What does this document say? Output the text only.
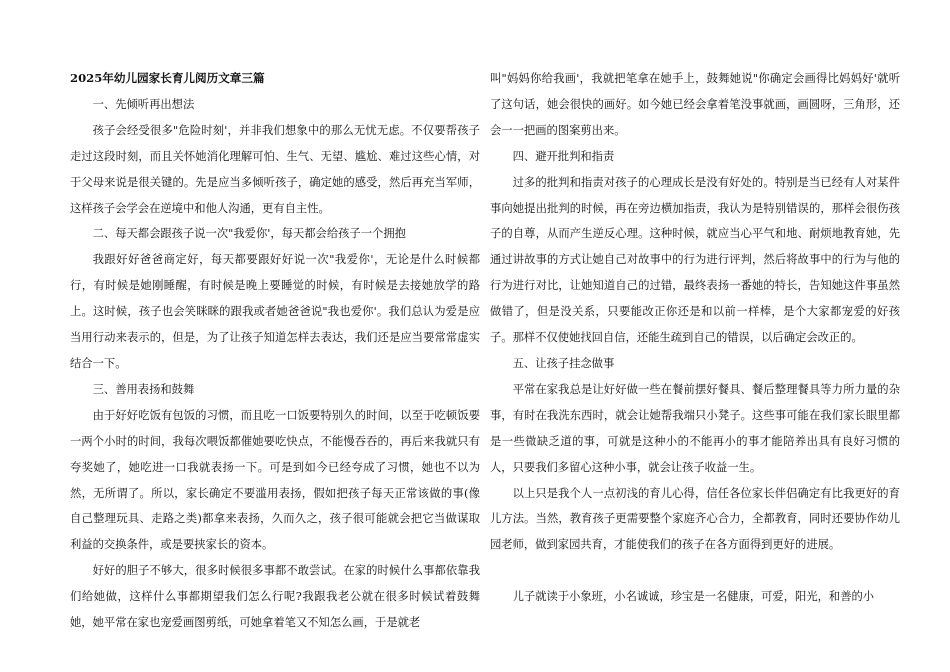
2025年幼儿园家长育儿阅历文章三篇

一、先倾听再出想法

孩子会经受很多"危险时刻'，并非我们想象中的那么无忧无虑。不仅要帮孩子走过这段时刻，而且关怀她消化理解可怕、生气、无望、尴尬、难过这些心情，对于父母来说是很关键的。先是应当多倾听孩子，确定她的感受，然后再充当军师，这样孩子会学会在逆境中和他人沟通，更有自主性。

二、每天都会跟孩子说一次"我爱你'，每天都会给孩子一个拥抱

我跟好好爸爸商定好，每天都要跟好好说一次"我爱你'，无论是什么时候都行，有时候是她刚睡醒，有时候是晚上要睡觉的时候，有时候是去接她放学的路上。这时候，孩子也会笑眯眯的跟我或者她爸爸说"我也爱你'。我们总认为爱是应当用行动来表示的，但是，为了让孩子知道怎样去表达，我们还是应当要常常虚实结合一下。

三、善用表扬和鼓舞

由于好好吃饭有包饭的习惯，而且吃一口饭要特别久的时间，以至于吃顿饭要一两个小时的时间，我每次喂饭都催她要吃快点，不能慢吞吞的，再后来我就只有夸奖她了，她吃进一口我就表扬一下。可是到如今已经夸成了习惯，她也不以为然，无所谓了。所以，家长确定不要滥用表扬，假如把孩子每天正常该做的事(像自己整理玩具、走路之类)都拿来表扬，久而久之，孩子很可能就会把它当做谋取利益的交换条件，或是要挟家长的资本。

好好的胆子不够大，很多时候很多事都不敢尝试。在家的时候什么事都依靠我们给她做，这样什么事都期望我们怎么行呢?我跟我老公就在很多时候试着鼓舞她，她平常在家也宠爱画图剪纸，可她拿着笔又不知怎么画，于是就老

叫"妈妈你给我画'，我就把笔拿在她手上，鼓舞她说"你确定会画得比妈妈好'就听了这句话，她会很快的画好。如今她已经会拿着笔没事就画，画圆呀，三角形，还会一一把画的图案剪出来。

四、避开批判和指责

过多的批判和指责对孩子的心理成长是没有好处的。特别是当已经有人对某件事向她提出批判的时候，再在旁边横加指责，我认为是特别错误的，那样会很伤孩子的自尊，从而产生逆反心理。这种时候，就应当心平气和地、耐烦地教育她，先通过讲故事的方式让她自己对故事中的行为进行评判，然后将故事中的行为与他的行为进行对比，让她知道自己的过错，最终表扬一番她的特长，告知她这件事虽然做错了，但是没关系，只要能改正你还是和以前一样棒，是个大家都宠爱的好孩子。那样不仅使她找回自信，还能生疏到自己的错误，以后确定会改正的。

五、让孩子挂念做事

平常在家我总是让好好做一些在餐前摆好餐具、餐后整理餐具等力所力量的杂事，有时在我洗东西时，就会让她帮我端只小凳子。这些事可能在我们家长眼里都是一些微缺乏道的事，可就是这种小的不能再小的事才能陪养出具有良好习惯的人，只要我们多留心这种小事，就会让孩子收益一生。

以上只是我个人一点初浅的育儿心得，信任各位家长伴侣确定有比我更好的育儿方法。当然，教育孩子更需要整个家庭齐心合力，全都教育，同时还要协作幼儿园老师，做到家园共育，才能使我们的孩子在各方面得到更好的进展。

儿子就读于小象班，小名诚诚，珍宝是一名健康，可爱，阳光，和善的小
